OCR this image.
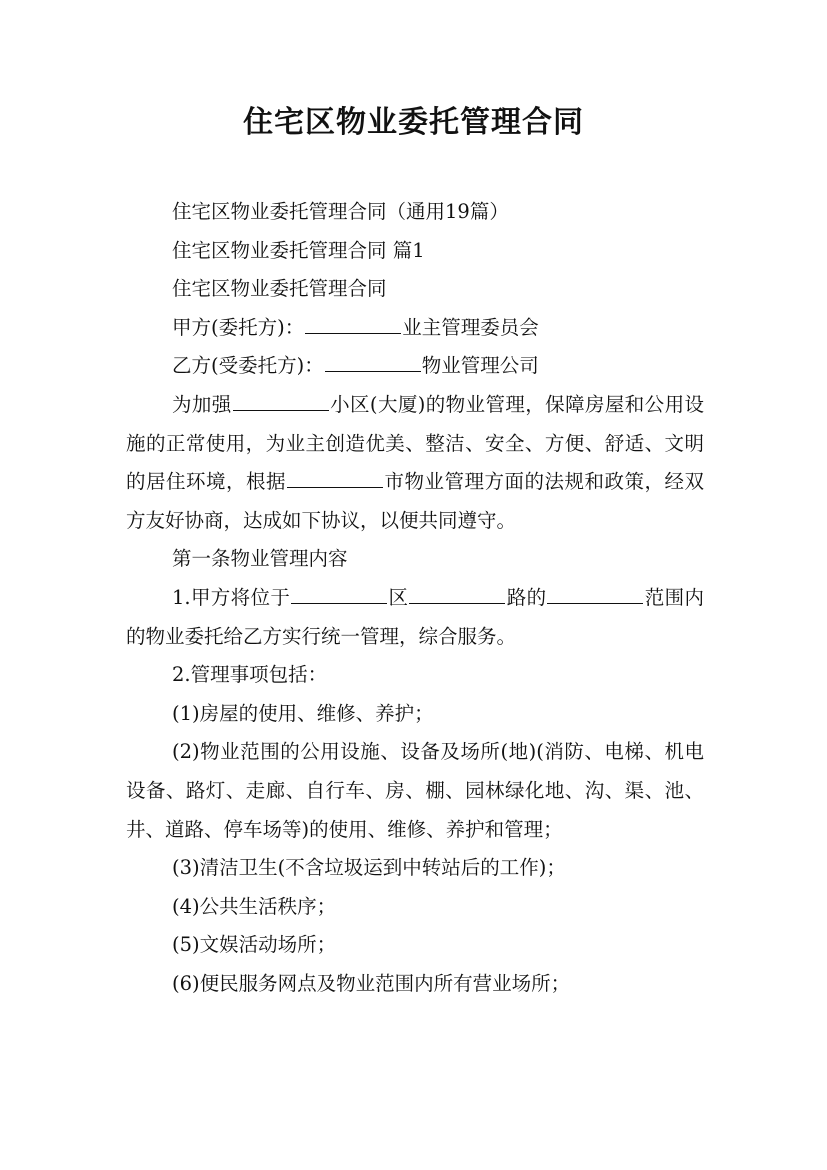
住宅区物业委托管理合同

住宅区物业委托管理合同（通用19篇）

住宅区物业委托管理合同 篇1

住宅区物业委托管理合同

甲方(委托方)：	业主管理委员会

乙方(受委托方)：	物业管理公司

为加强	小区(大厦)的物业管理，保障房屋和公用设施的正常使用，为业主创造优美、整洁、安全、方便、舒适、文明的居住环境，根据	市物业管理方面的法规和政策，经双方友好协商，达成如下协议，以便共同遵守。

第一条物业管理内容

1.甲方将位于	区	路的	范围内的物业委托给乙方实行统一管理，综合服务。

2.管理事项包括：

(1)房屋的使用、维修、养护；

(2)物业范围的公用设施、设备及场所(地)(消防、电梯、机电设备、路灯、走廊、自行车、房、棚、园林绿化地、沟、渠、池、井、道路、停车场等)的使用、维修、养护和管理；

(3)清洁卫生(不含垃圾运到中转站后的工作)；

(4)公共生活秩序；

(5)文娱活动场所；

(6)便民服务网点及物业范围内所有营业场所；
